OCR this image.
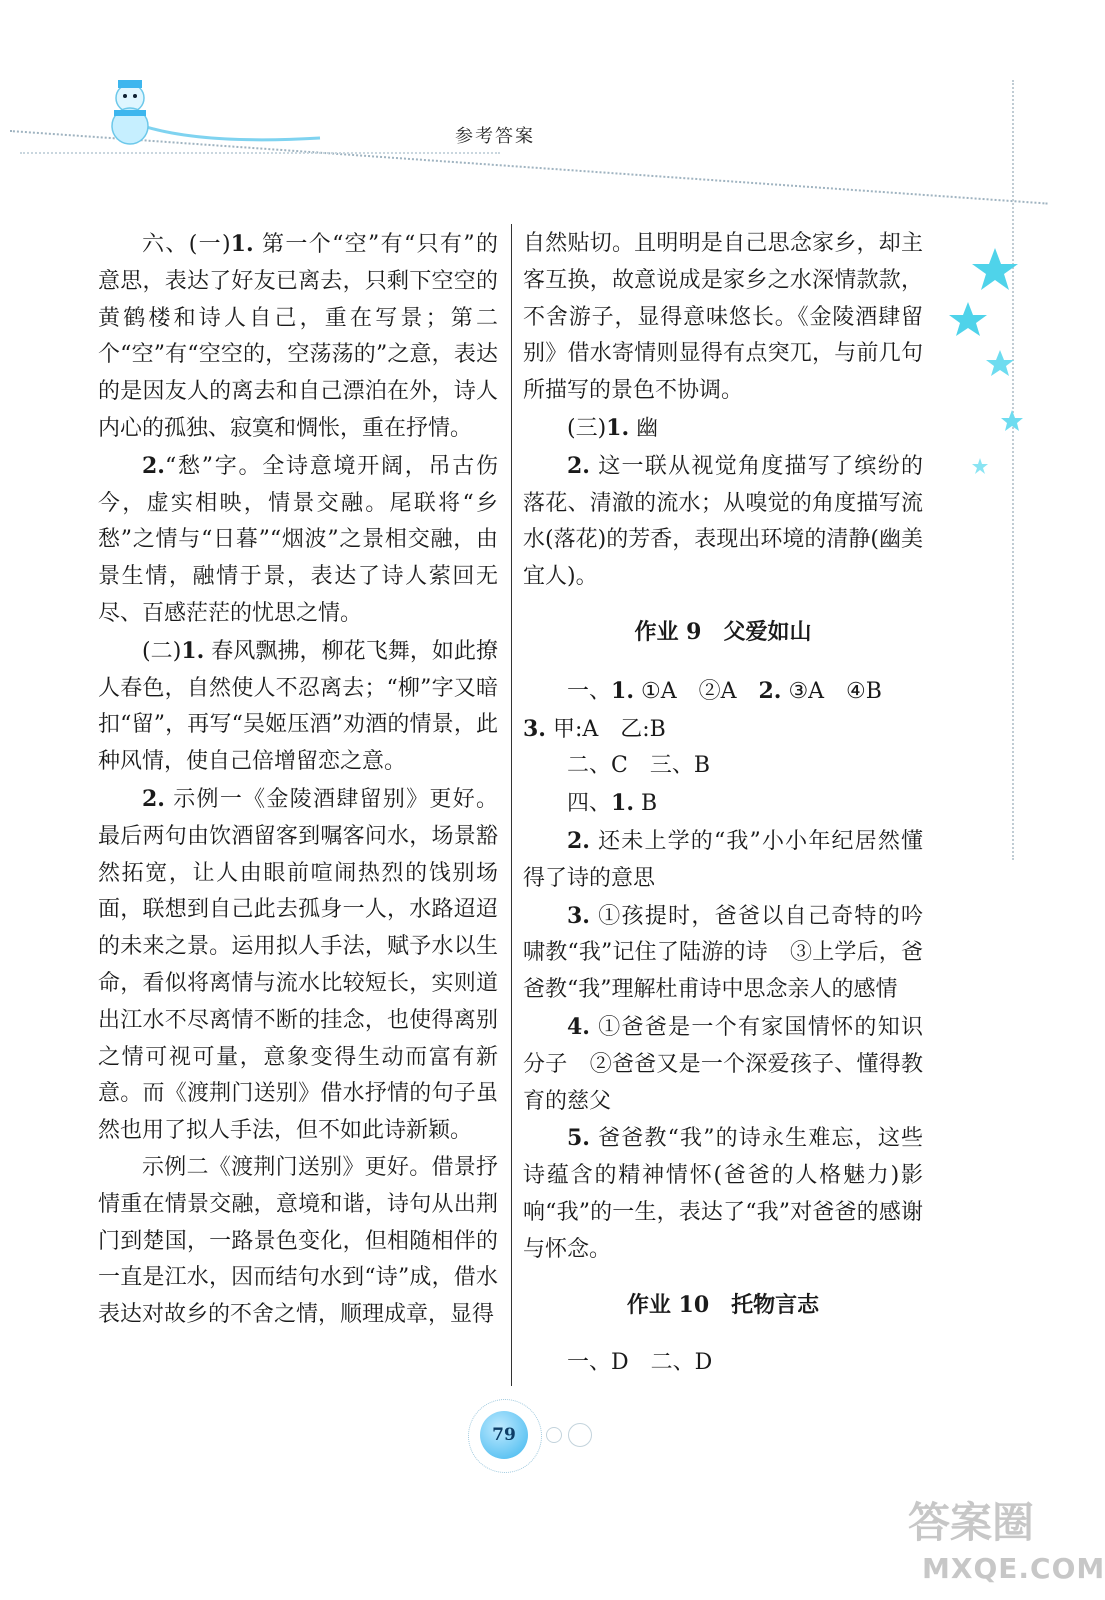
参考答案

六、(一)1. 第一个“空”有“只有”的意思，表达了好友已离去，只剩下空空的黄鹤楼和诗人自己，重在写景；第二个“空”有“空空的，空荡荡的”之意，表达的是因友人的离去和自己漂泊在外，诗人内心的孤独、寂寞和惆怅，重在抒情。

2.“愁”字。全诗意境开阔，吊古伤今，虚实相映，情景交融。尾联将“乡愁”之情与“日暮”“烟波”之景相交融，由景生情，融情于景，表达了诗人萦回无尽、百感茫茫的忧思之情。

(二)1. 春风飘拂，柳花飞舞，如此撩人春色，自然使人不忍离去；“柳”字又暗扣“留”，再写“吴姬压酒”劝酒的情景，此种风情，使自己倍增留恋之意。

2. 示例一《金陵酒肆留别》更好。最后两句由饮酒留客到嘱客问水，场景豁然拓宽，让人由眼前喧闹热烈的饯别场面，联想到自己此去孤身一人，水路迢迢的未来之景。运用拟人手法，赋予水以生命，看似将离情与流水比较短长，实则道出江水不尽离情不断的挂念，也使得离别之情可视可量，意象变得生动而富有新意。而《渡荆门送别》借水抒情的句子虽然也用了拟人手法，但不如此诗新颖。

示例二《渡荆门送别》更好。借景抒情重在情景交融，意境和谐，诗句从出荆门到楚国，一路景色变化，但相随相伴的一直是江水，因而结句水到“诗”成，借水表达对故乡的不舍之情，顺理成章，显得

自然贴切。且明明是自己思念家乡，却主客互换，故意说成是家乡之水深情款款，不舍游子，显得意味悠长。《金陵酒肆留别》借水寄情则显得有点突兀，与前几句所描写的景色不协调。

(三)1. 幽

2. 这一联从视觉角度描写了缤纷的落花、清澈的流水；从嗅觉的角度描写流水(落花)的芳香，表现出环境的清静(幽美宜人)。

作业 9　父爱如山

一、1. ①A　②A　2. ③A　④B

3. 甲:A　乙:B

二、C　三、B

四、1. B

2. 还未上学的“我”小小年纪居然懂得了诗的意思

3. ①孩提时，爸爸以自己奇特的吟啸教“我”记住了陆游的诗　③上学后，爸爸教“我”理解杜甫诗中思念亲人的感情

4. ①爸爸是一个有家国情怀的知识分子　②爸爸又是一个深爱孩子、懂得教育的慈父

5. 爸爸教“我”的诗永生难忘，这些诗蕴含的精神情怀(爸爸的人格魅力)影响“我”的一生，表达了“我”对爸爸的感谢与怀念。

作业 10　托物言志

一、D　二、D

79
答案圈
MXQE.COM
